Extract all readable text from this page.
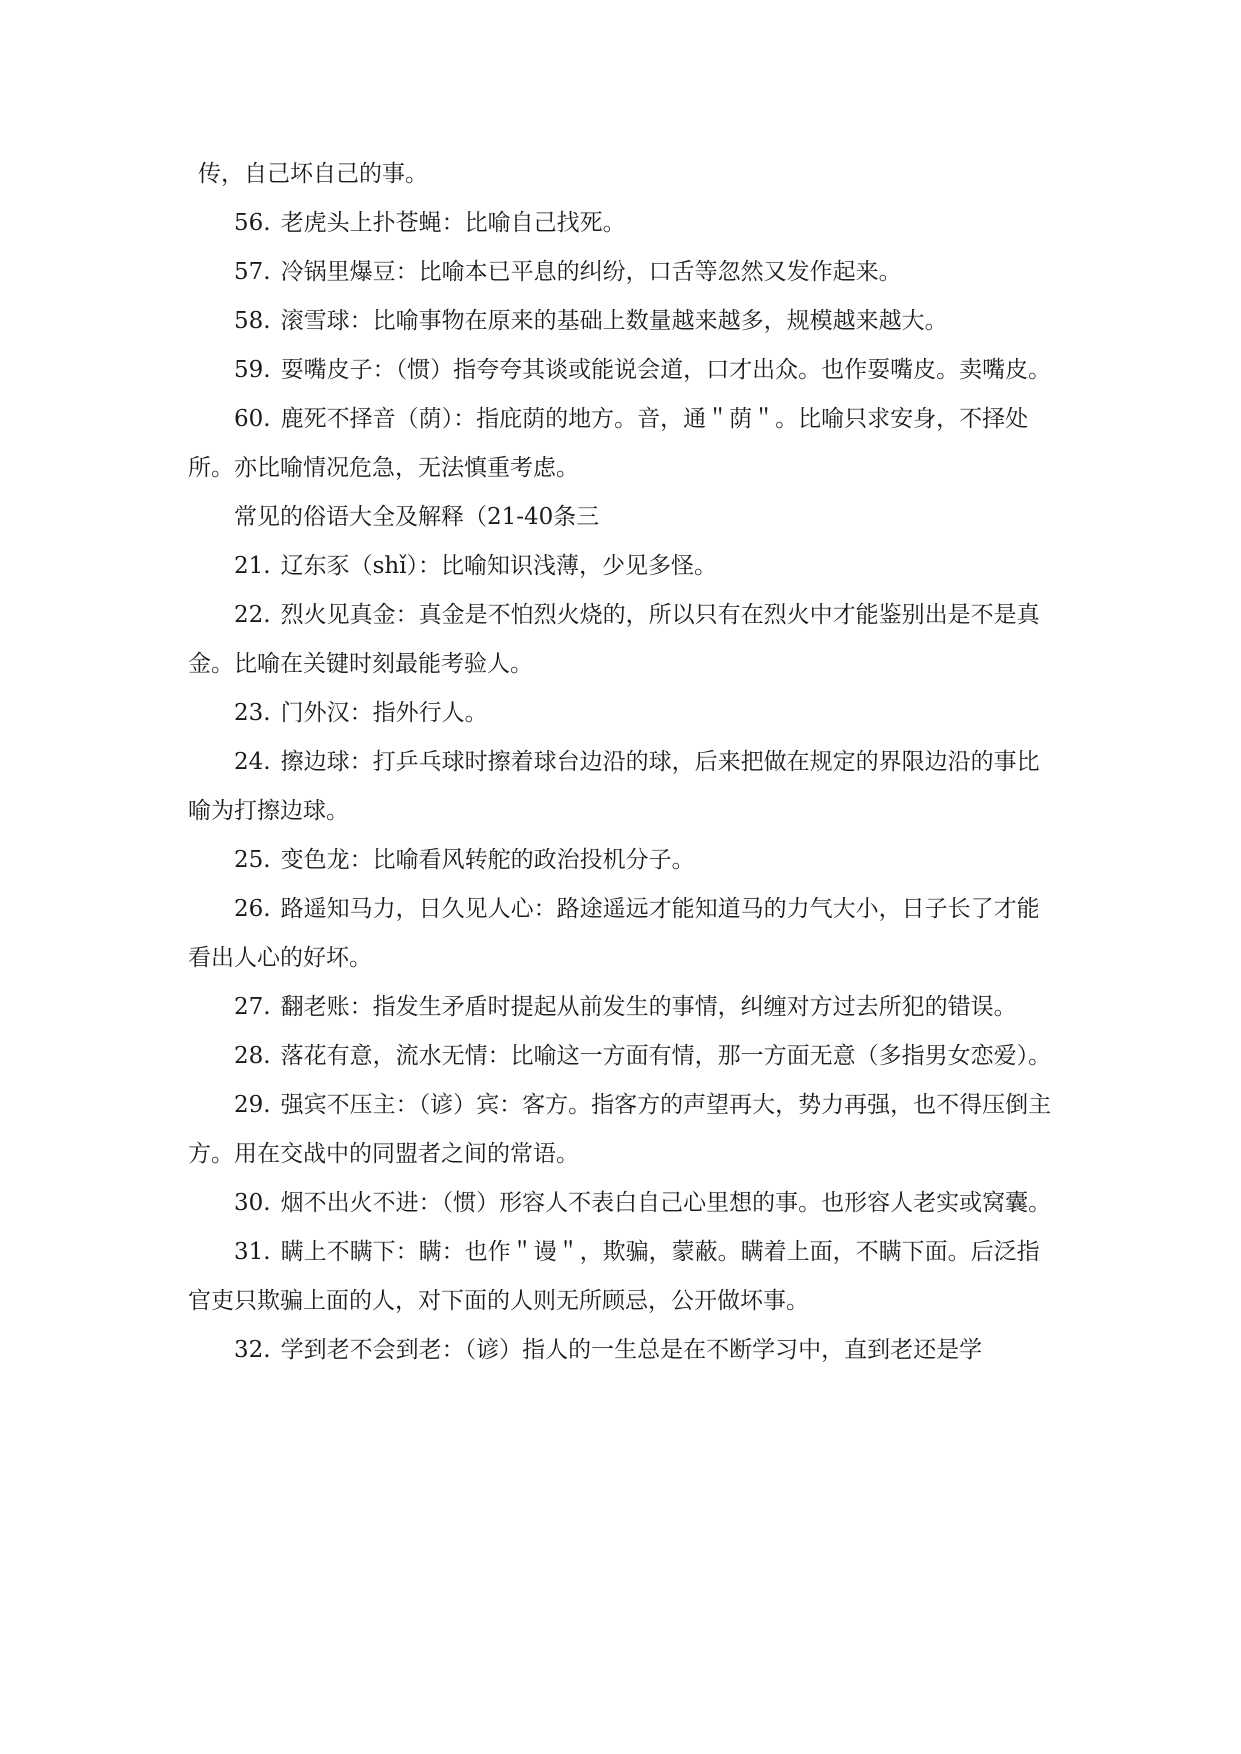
传，自己坏自己的事。

56. 老虎头上扑苍蝇：比喻自己找死。

57. 冷锅里爆豆：比喻本已平息的纠纷，口舌等忽然又发作起来。

58. 滚雪球：比喻事物在原来的基础上数量越来越多，规模越来越大。

59. 耍嘴皮子：（惯）指夸夸其谈或能说会道，口才出众。也作耍嘴皮。卖嘴皮。

60. 鹿死不择音（荫）：指庇荫的地方。音，通＂荫＂。比喻只求安身，不择处所。亦比喻情况危急，无法慎重考虑。

常见的俗语大全及解释（21-40条三

21. 辽东豕（shǐ）：比喻知识浅薄，少见多怪。

22. 烈火见真金：真金是不怕烈火烧的，所以只有在烈火中才能鉴别出是不是真金。比喻在关键时刻最能考验人。

23. 门外汉：指外行人。

24. 擦边球：打乒乓球时擦着球台边沿的球，后来把做在规定的界限边沿的事比喻为打擦边球。

25. 变色龙：比喻看风转舵的政治投机分子。

26. 路遥知马力，日久见人心：路途遥远才能知道马的力气大小，日子长了才能看出人心的好坏。

27. 翻老账：指发生矛盾时提起从前发生的事情，纠缠对方过去所犯的错误。

28. 落花有意，流水无情：比喻这一方面有情，那一方面无意（多指男女恋爱）。

29. 强宾不压主：（谚）宾：客方。指客方的声望再大，势力再强，也不得压倒主方。用在交战中的同盟者之间的常语。

30. 烟不出火不进：（惯）形容人不表白自己心里想的事。也形容人老实或窝囊。

31. 瞒上不瞒下：瞒：也作＂谩＂，欺骗，蒙蔽。瞒着上面，不瞒下面。后泛指官吏只欺骗上面的人，对下面的人则无所顾忌，公开做坏事。

32. 学到老不会到老：（谚）指人的一生总是在不断学习中，直到老还是学
